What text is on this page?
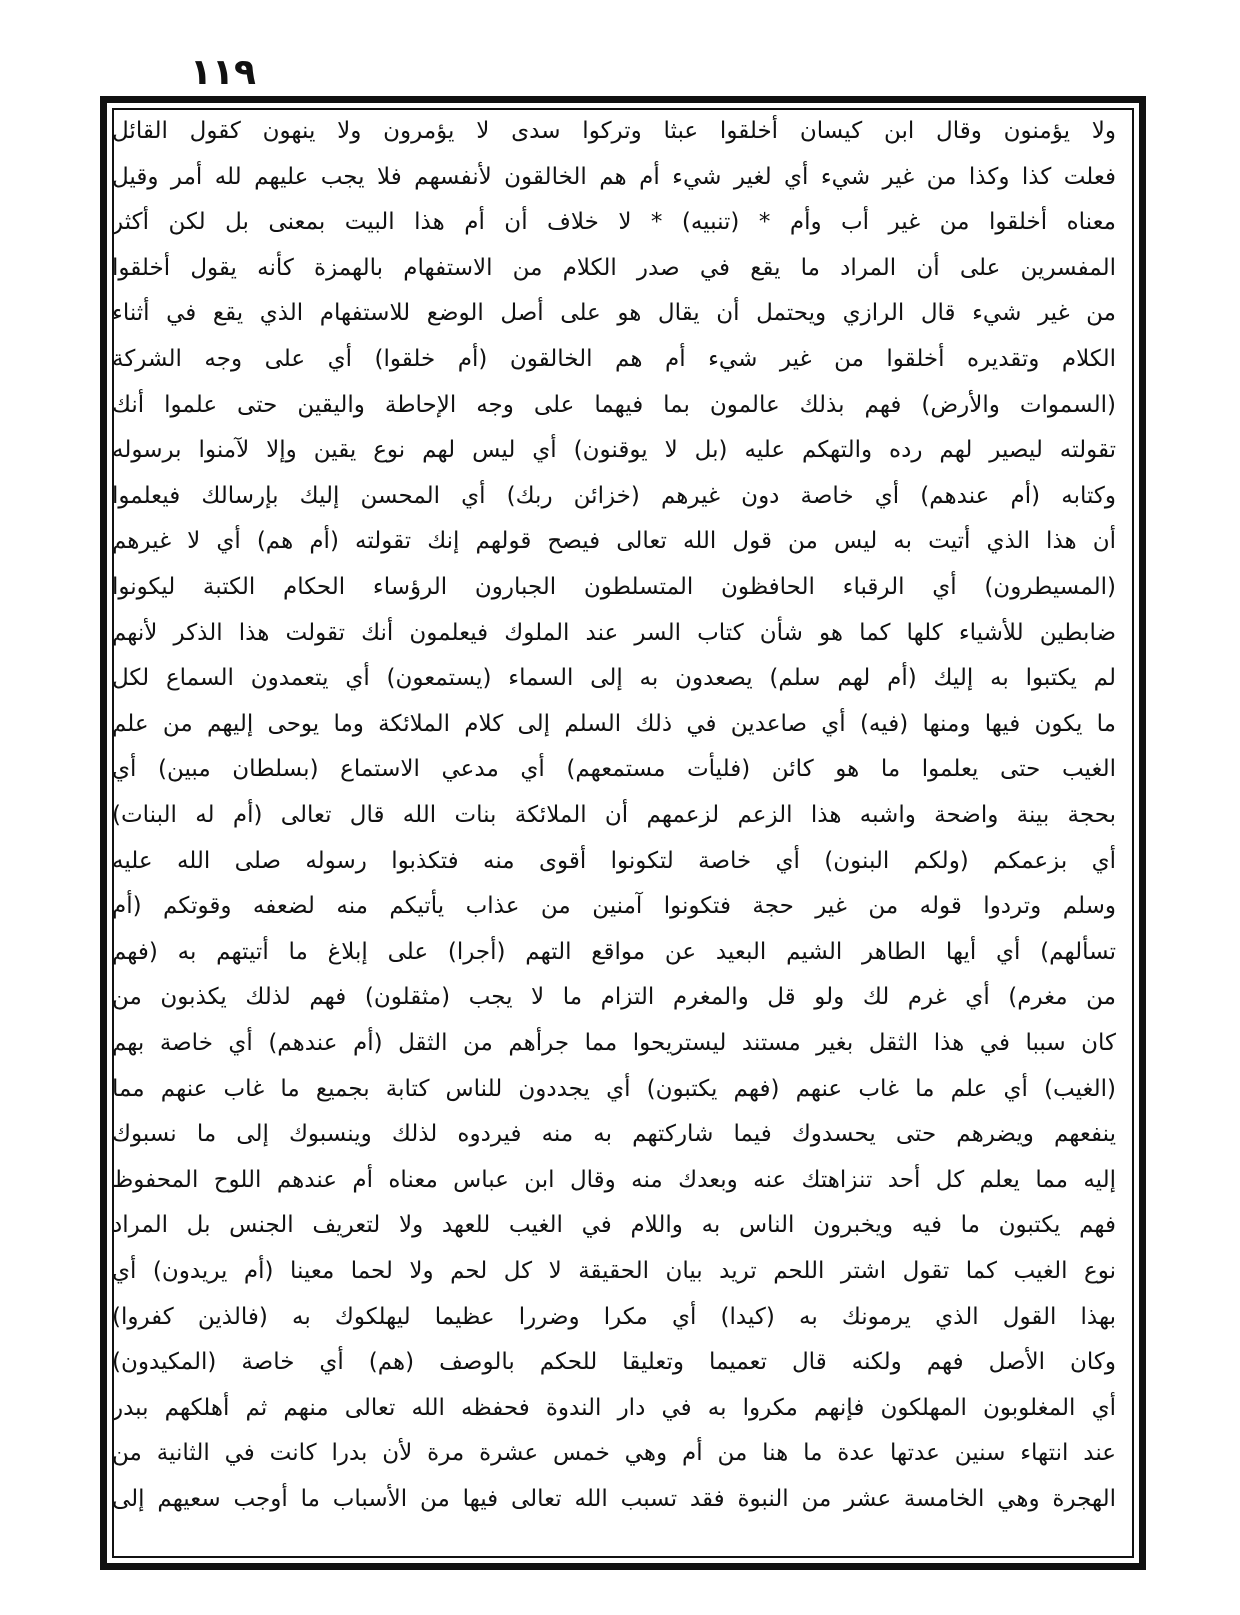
١١٩
ولا يؤمنون وقال ابن كيسان أخلقوا عبثا وتركوا سدى لا يؤمرون ولا ينهون كقول القائل
فعلت كذا وكذا من غير شيء أي لغير شيء أم هم الخالقون لأنفسهم فلا يجب عليهم لله أمر وقيل
معناه أخلقوا من غير أب وأم * (تنبيه) * لا خلاف أن أم هذا البيت بمعنى بل لكن أكثر
المفسرين على أن المراد ما يقع في صدر الكلام من الاستفهام بالهمزة كأنه يقول أخلقوا
من غير شيء قال الرازي ويحتمل أن يقال هو على أصل الوضع للاستفهام الذي يقع في أثناء
الكلام وتقديره أخلقوا من غير شيء أم هم الخالقون (أم خلقوا) أي على وجه الشركة
(السموات والأرض) فهم بذلك عالمون بما فيهما على وجه الإحاطة واليقين حتى علموا أنك
تقولته ليصير لهم رده والتهكم عليه (بل لا يوقنون) أي ليس لهم نوع يقين وإلا لآمنوا برسوله
وكتابه (أم عندهم) أي خاصة دون غيرهم (خزائن ربك) أي المحسن إليك بإرسالك فيعلموا
أن هذا الذي أتيت به ليس من قول الله تعالى فيصح قولهم إنك تقولته (أم هم) أي لا غيرهم
(المسيطرون) أي الرقباء الحافظون المتسلطون الجبارون الرؤساء الحكام الكتبة ليكونوا
ضابطين للأشياء كلها كما هو شأن كتاب السر عند الملوك فيعلمون أنك تقولت هذا الذكر لأنهم
لم يكتبوا به إليك (أم لهم سلم) يصعدون به إلى السماء (يستمعون) أي يتعمدون السماع لكل
ما يكون فيها ومنها (فيه) أي صاعدين في ذلك السلم إلى كلام الملائكة وما يوحى إليهم من علم
الغيب حتى يعلموا ما هو كائن (فليأت مستمعهم) أي مدعي الاستماع (بسلطان مبين) أي
بحجة بينة واضحة واشبه هذا الزعم لزعمهم أن الملائكة بنات الله قال تعالى (أم له البنات)
أي بزعمكم (ولكم البنون) أي خاصة لتكونوا أقوى منه فتكذبوا رسوله صلى الله عليه
وسلم وتردوا قوله من غير حجة فتكونوا آمنين من عذاب يأتيكم منه لضعفه وقوتكم (أم
تسألهم) أي أيها الطاهر الشيم البعيد عن مواقع التهم (أجرا) على إبلاغ ما أتيتهم به (فهم
من مغرم) أي غرم لك ولو قل والمغرم التزام ما لا يجب (مثقلون) فهم لذلك يكذبون من
كان سببا في هذا الثقل بغير مستند ليستريحوا مما جرأهم من الثقل (أم عندهم) أي خاصة بهم
(الغيب) أي علم ما غاب عنهم (فهم يكتبون) أي يجددون للناس كتابة بجميع ما غاب عنهم مما
ينفعهم ويضرهم حتى يحسدوك فيما شاركتهم به منه فيردوه لذلك وينسبوك إلى ما نسبوك
إليه مما يعلم كل أحد تنزاهتك عنه وبعدك منه وقال ابن عباس معناه أم عندهم اللوح المحفوظ
فهم يكتبون ما فيه ويخبرون الناس به واللام في الغيب للعهد ولا لتعريف الجنس بل المراد
نوع الغيب كما تقول اشتر اللحم تريد بيان الحقيقة لا كل لحم ولا لحما معينا (أم يريدون) أي
بهذا القول الذي يرمونك به (كيدا) أي مكرا وضررا عظيما ليهلكوك به (فالذين كفروا)
وكان الأصل فهم ولكنه قال تعميما وتعليقا للحكم بالوصف (هم) أي خاصة (المكيدون)
أي المغلوبون المهلكون فإنهم مكروا به في دار الندوة فحفظه الله تعالى منهم ثم أهلكهم ببدر
عند انتهاء سنين عدتها عدة ما هنا من أم وهي خمس عشرة مرة لأن بدرا كانت في الثانية من
الهجرة وهي الخامسة عشر من النبوة فقد تسبب الله تعالى فيها من الأسباب ما أوجب سعيهم إلى
